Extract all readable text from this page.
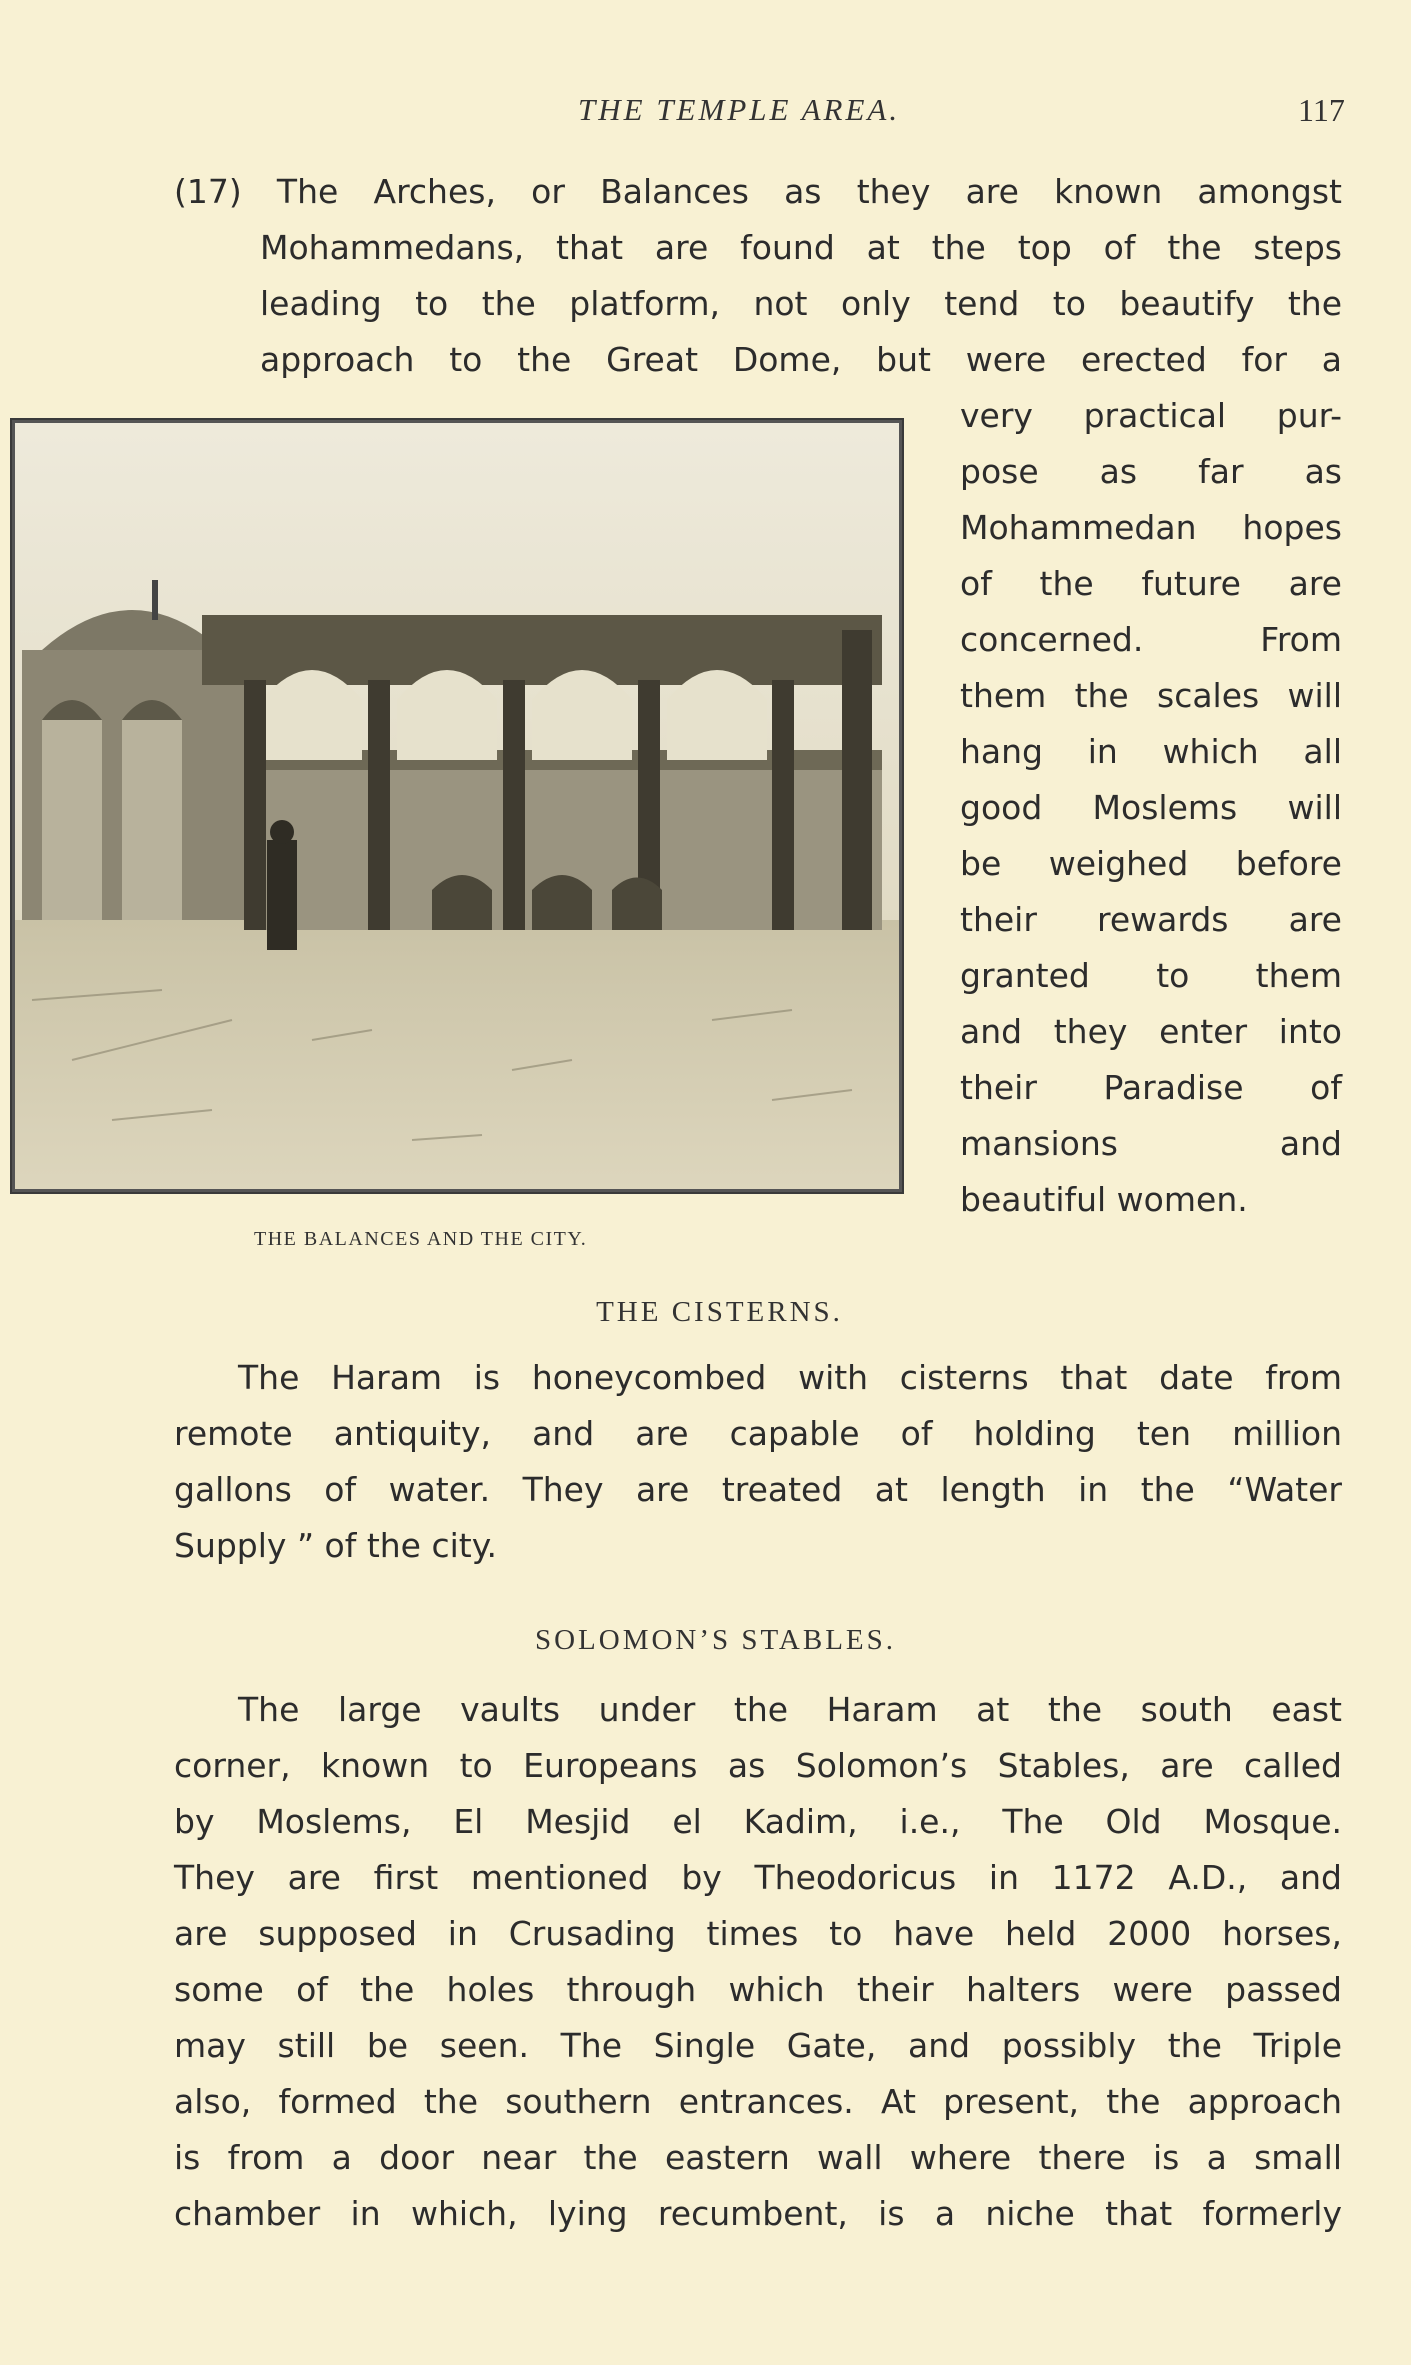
THE TEMPLE AREA.	117

(17) The Arches, or Balances as they are known amongst

Mohammedans, that are found at the top of the steps

leading to the platform, not only tend to beautify the

approach to the Great Dome, but were erected for a

very practical pur-
pose as far as
Mohammedan hopes
of the future are
concerned. From
them the scales will
hang in which all
good Moslems will
be weighed before
their rewards are
granted to them
and they enter into
their Paradise of
mansions and
beautiful women.
THE BALANCES AND THE CITY.
THE CISTERNS.

The Haram is honeycombed with cisterns that date from

remote antiquity, and are capable of holding ten million

gallons of water. They are treated at length in the “Water

Supply ” of the city.

SOLOMON’S STABLES.

The large vaults under the Haram at the south east

corner, known to Europeans as Solomon’s Stables, are called

by Moslems, El Mesjid el Kadim, i.e., The Old Mosque.

They are first mentioned by Theodoricus in 1172 A.D., and

are supposed in Crusading times to have held 2000 horses,

some of the holes through which their halters were passed

may still be seen. The Single Gate, and possibly the Triple

also, formed the southern entrances. At present, the approach

is from a door near the eastern wall where there is a small

chamber in which, lying recumbent, is a niche that formerly
